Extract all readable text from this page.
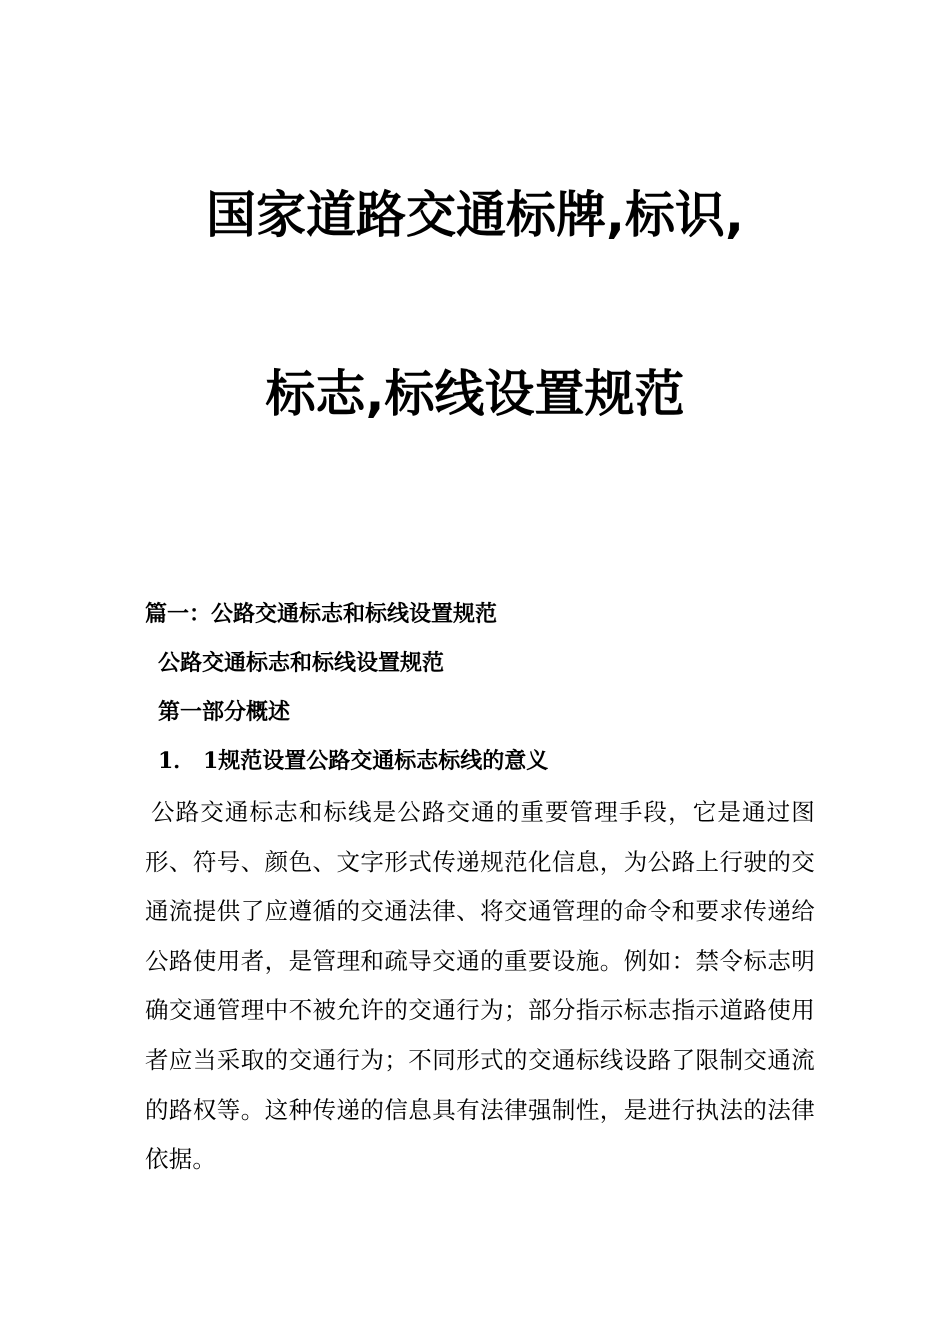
国家道路交通标牌,标识,
标志,标线设置规范
篇一：公路交通标志和标线设置规范
公路交通标志和标线设置规范
第一部分概述
1． 1规范设置公路交通标志标线的意义
公路交通标志和标线是公路交通的重要管理手段，它是通过图形、符号、颜色、文字形式传递规范化信息，为公路上行驶的交通流提供了应遵循的交通法律、将交通管理的命令和要求传递给公路使用者，是管理和疏导交通的重要设施。例如：禁令标志明确交通管理中不被允许的交通行为；部分指示标志指示道路使用者应当采取的交通行为；不同形式的交通标线设路了限制交通流的路权等。这种传递的信息具有法律强制性，是进行执法的法律依据。
